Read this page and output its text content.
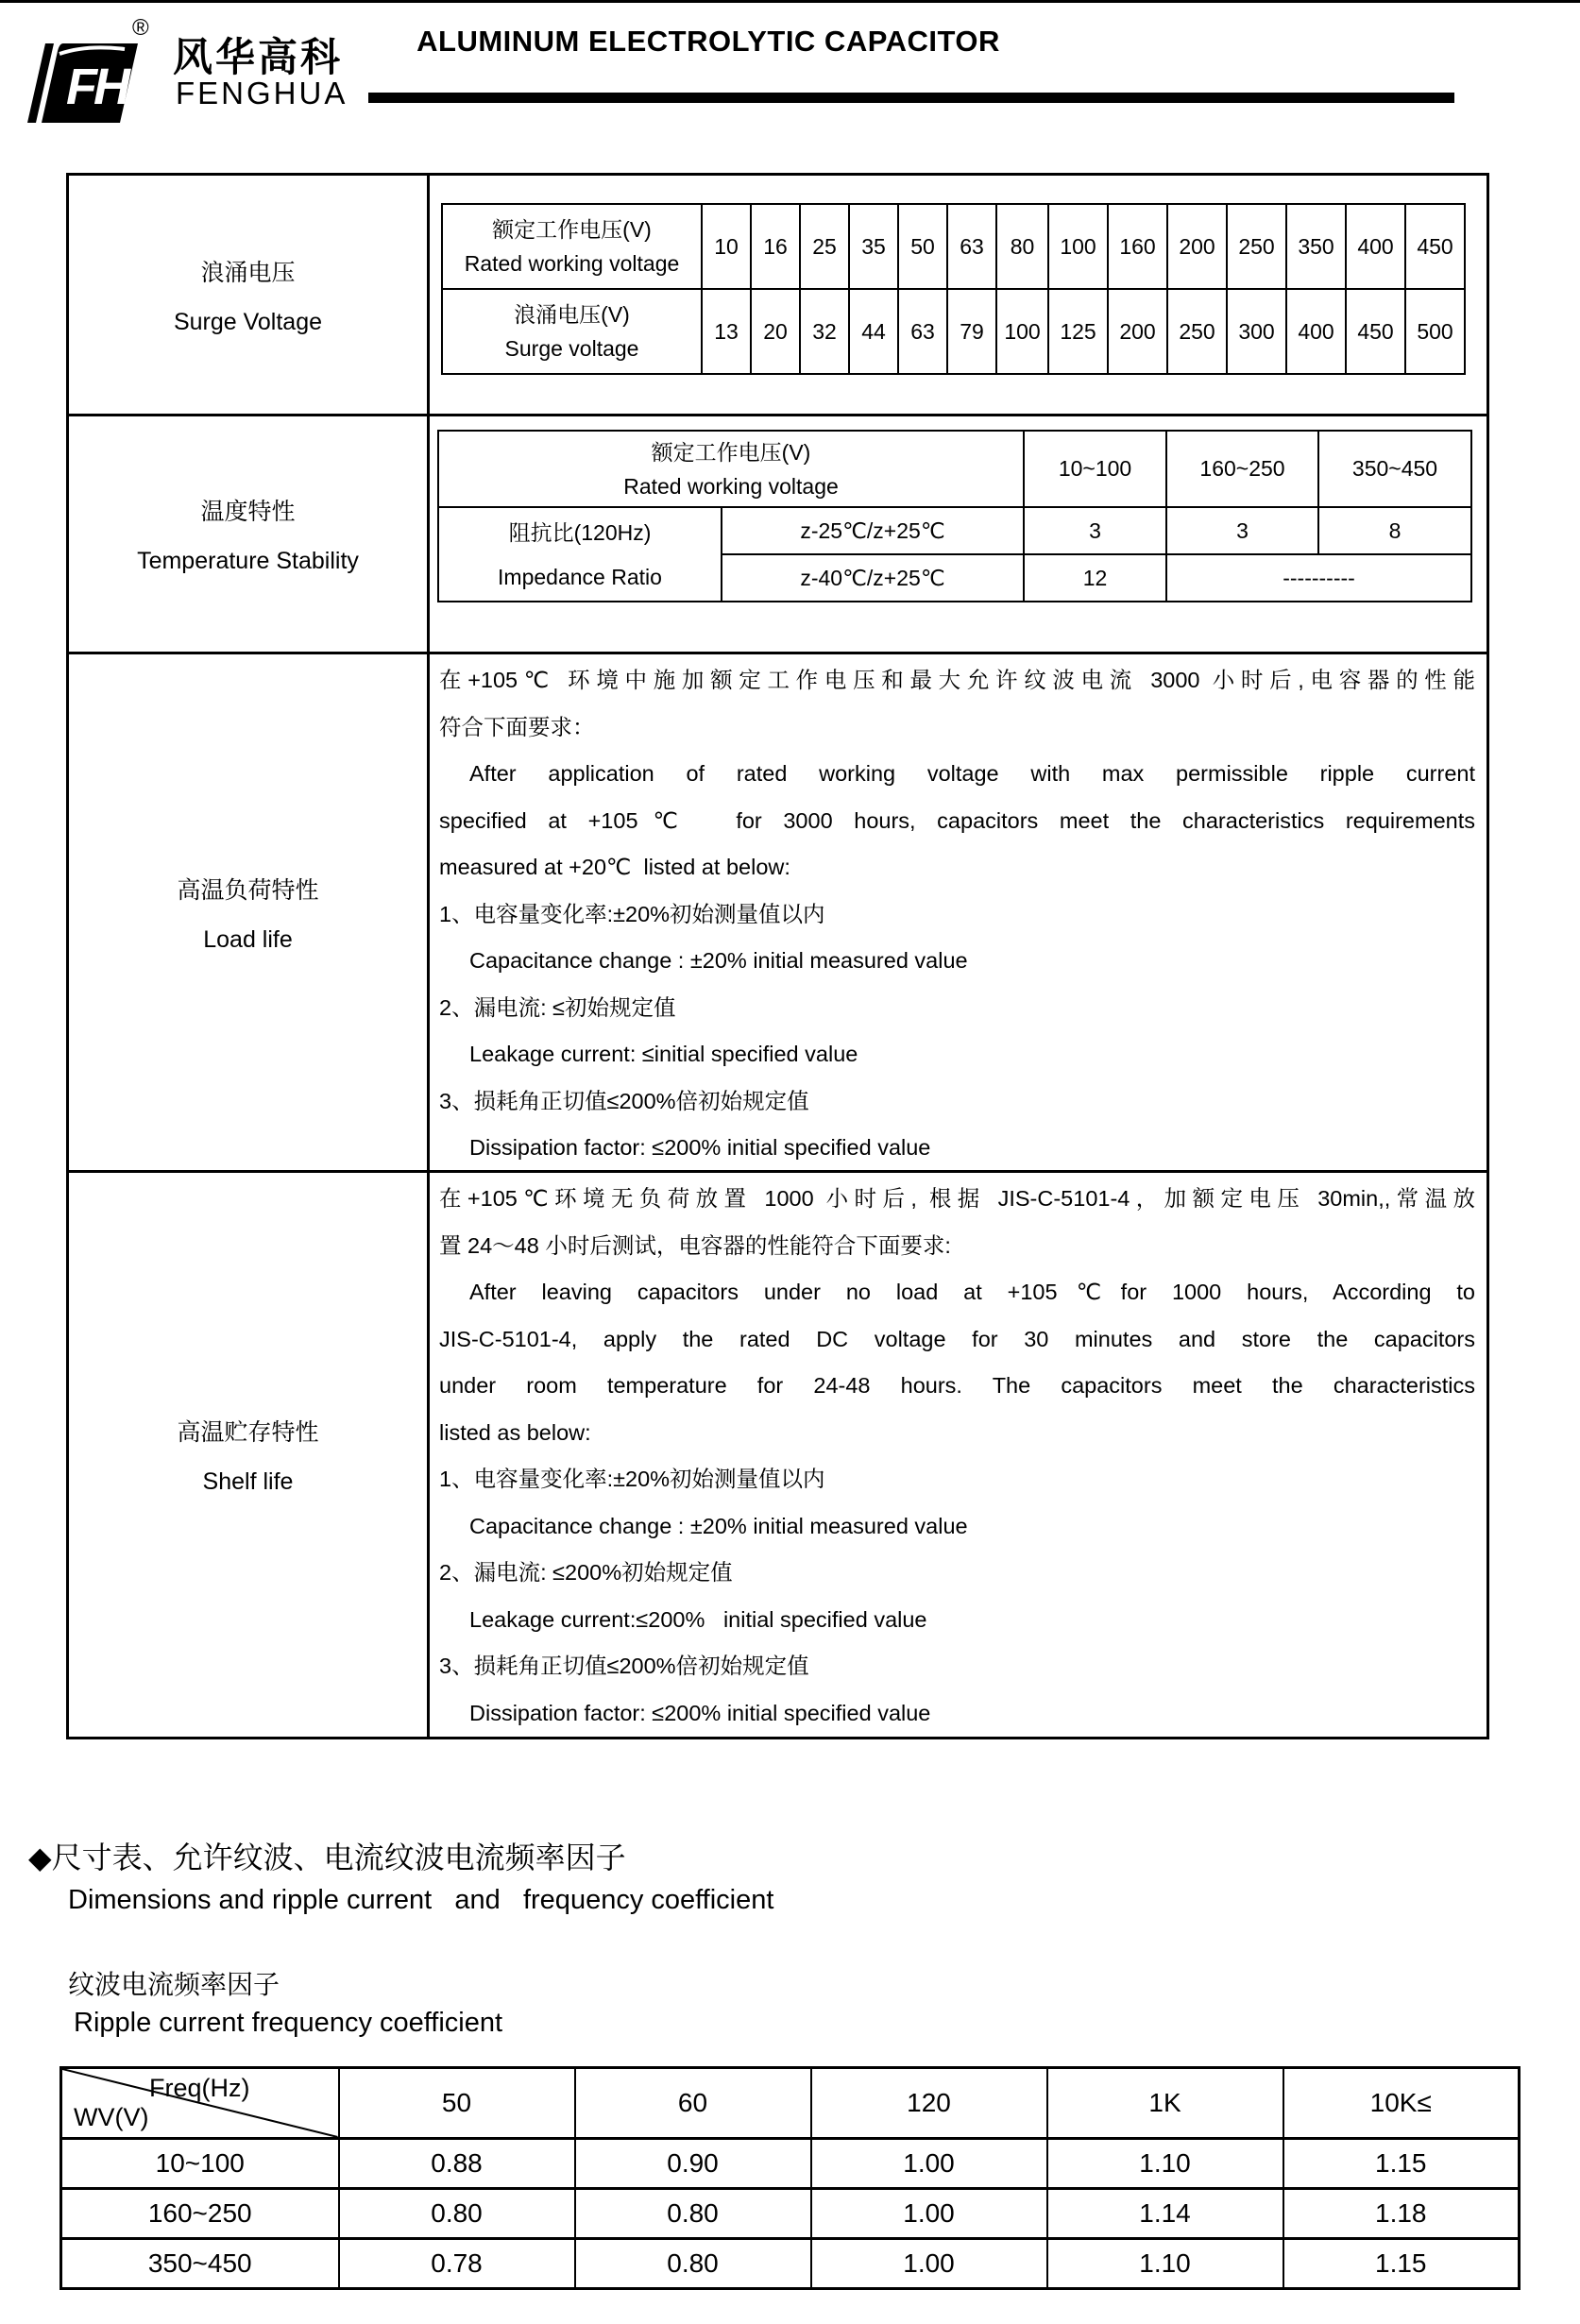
FH
®
风华高科
FENGHUA
ALUMINUM ELECTROLYTIC CAPACITOR
浪涌电压
Surge Voltage
额定工作电压(V)
Rated working voltage	10	16	25	35	50	63	80	100	160	200	250	350	400	450

浪涌电压(V)
Surge voltage	13	20	32	44	63	79	100	125	200	250	300	400	450	500
温度特性
Temperature Stability
额定工作电压(V)
Rated working voltage		10~100	160~250	350~450

阻抗比(120Hz)
Impedance Ratio	z-25℃/z+25℃	3	3	8
	z-40℃/z+25℃	12	----------	
高温负荷特性
Load life
在+105℃ 环境中施加额定工作电压和最大允许纹波电流 3000 小时后,电容器的性能
符合下面要求：
After application of rated working voltage with max permissible ripple current
specified at +105℃  for 3000 hours, capacitors meet the characteristics requirements
measured at +20℃  listed at below:
1、电容量变化率:±20%初始测量值以内
Capacitance change : ±20% initial measured value
2、漏电流: ≤初始规定值
Leakage current: ≤initial specified value
3、损耗角正切值≤200%倍初始规定值
Dissipation factor: ≤200% initial specified value
高温贮存特性
Shelf life
在+105℃环境无负荷放置 1000 小时后, 根据 JIS-C-5101-4，加额定电压 30min,,常温放
置 24～48 小时后测试，电容器的性能符合下面要求:
After leaving capacitors under no load at +105℃for 1000 hours, According to
JIS-C-5101-4, apply the rated DC voltage for 30 minutes and store the capacitors
under room temperature for 24-48 hours. The capacitors meet the characteristics
listed as below:
1、电容量变化率:±20%初始测量值以内
Capacitance change : ±20% initial measured value
2、漏电流: ≤200%初始规定值
Leakage current:≤200%   initial specified value
3、损耗角正切值≤200%倍初始规定值
Dissipation factor: ≤200% initial specified value
◆尺寸表、允许纹波、电流纹波电流频率因子
Dimensions and ripple current   and   frequency coefficient
纹波电流频率因子
Ripple current frequency coefficient
Freq(Hz)
WV(V)	50	60	120	1K	10K≤
10~100	0.88	0.90	1.00	1.10	1.15
160~250	0.80	0.80	1.00	1.14	1.18
350~450	0.78	0.80	1.00	1.10	1.15
